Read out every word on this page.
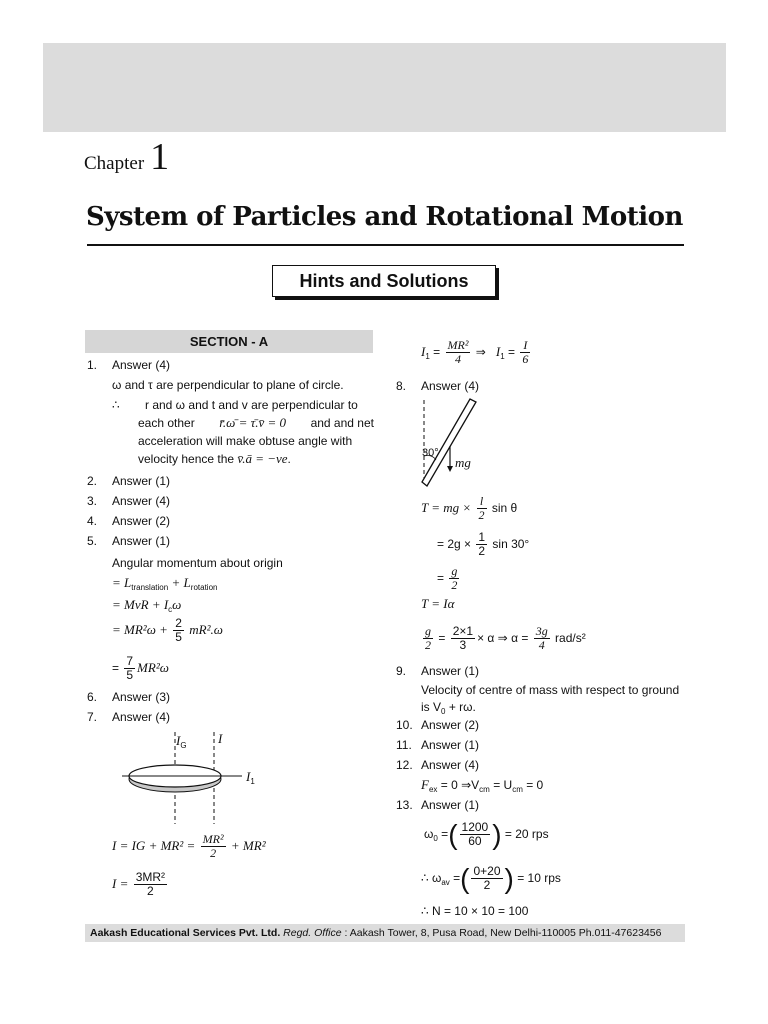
Chapter 1
System of Particles and Rotational Motion
Hints and Solutions
SECTION - A
1. Answer (4)
ω and τ are perpendicular to plane of circle.
∴ r and ω and t and v are perpendicular to
each other r̄.ω̄ = τ̄.v̄ = 0 and and net
acceleration will make obtuse angle with
velocity hence the v̄.ā = −ve.
2. Answer (1)
3. Answer (4)
4. Answer (2)
5. Answer (1)
Angular momentum about origin
= $L_{translation} + L_{rotation}$
= MvR + $I_c\omega$
= $MR^2\omega + \frac{2}{5} mR^2.\omega$
= $\frac{7}{5} MR^2\omega$
6. Answer (3)
7. Answer (4)
$I_G$ I
$I_1$
I = IG + $MR^2 = \frac{\text{MR²}}{2} + MR^2$
$I = \frac{\text{3MR²}}{2}$
$I_1 = \frac{\text{MR²}}{4}$ ⇒ $I_1 = \frac{I}{6}$
8. Answer (4)
30°
mg
T = mg × $\frac{l}{2}$ sin θ
= $2g \times \frac{1}{2}$ sin 30°
= $\frac{g}{2}$
T = Iα
$\frac{g}{2} = \frac{2\times 1}{3} \times \alpha$ ⇒ $\alpha = \frac{3g}{4} rad/s^2$
9. Answer (1)
Velocity of centre of mass with respect to ground
is $V_0 + r\omega$.
10. Answer (2)
11. Answer (1)
12. Answer (4)
$F_{ex} = 0$ $\Rightarrow V_{cm} = U_{cm} = 0$
13. Answer (1)
$\omega_0$ =( $\frac{1200}{60}$ ) = 20 rps
∴ $\omega_{av}$ =( $\frac{0+20}{2}$ ) = 10 rps
∴ N = 10 × 10 = 100
Aakash Educational Services Pvt. Ltd. Regd. Office : Aakash Tower, 8, Pusa Road, New Delhi-110005 Ph.011-47623456
